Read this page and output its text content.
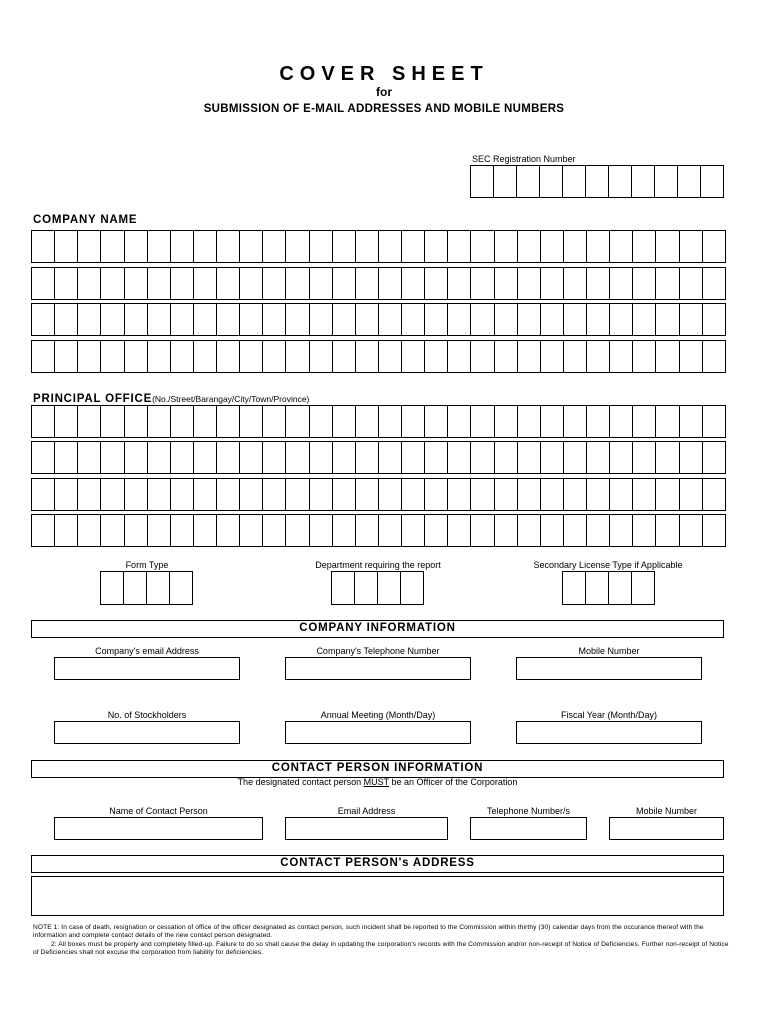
COVER SHEET
for
SUBMISSION OF E-MAIL ADDRESSES AND MOBILE NUMBERS
SEC Registration Number
COMPANY NAME
PRINCIPAL OFFICE(No./Street/Barangay/City/Town/Province)
Form Type	Department requiring the report	Secondary License Type if Applicable
COMPANY INFORMATION
Company's email Address	Company's Telephone Number	Mobile Number
No. of Stockholders	Annual Meeting (Month/Day)	Fiscal Year (Month/Day)
CONTACT PERSON INFORMATION
The designated contact person MUST be an Officer of the Corporation
Name of Contact Person	Email Address	Telephone Number/s	Mobile Number
CONTACT PERSON's ADDRESS
NOTE 1: In case of death, resignation or cessation of office of the officer designated as contact person, such incident shall be reported to the Commission within thirthy (30) calendar days from the occurance thereof with the information and complete contact details of the new contact person designated.
2: All boxes must be properly and completely filled-up. Failure to do so shall cause the delay in updating the corporation's records with the Commission and/or non-receipt of Notice of Deficiencies. Further non-receipt of Notice of Deficiencies shall not excuse the corporation from liability for deficiencies.
